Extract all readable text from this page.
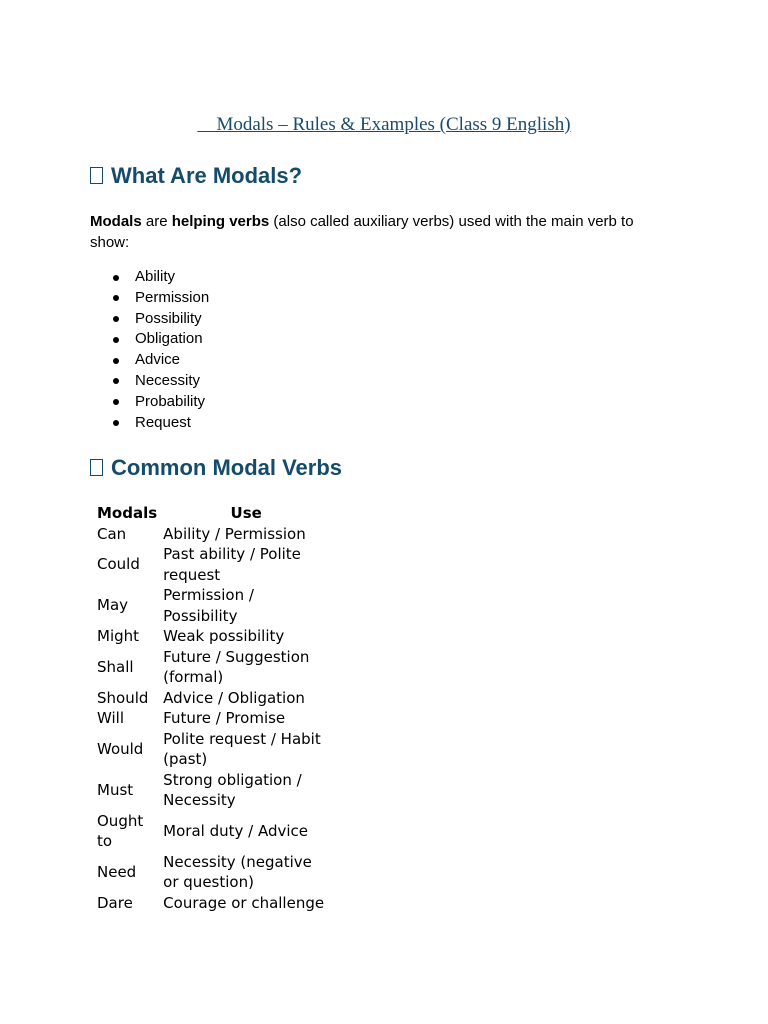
Modals – Rules & Examples (Class 9 English)
What Are Modals?

Modals are helping verbs (also called auxiliary verbs) used with the main verb to show:

Ability
Permission
Possibility
Obligation
Advice
Necessity
Probability
Request
Common Modal Verbs
Modals	Use
Can	Ability / Permission
Could	Past ability / Polite request
May	Permission / Possibility
Might	Weak possibility
Shall	Future / Suggestion (formal)
Should	Advice / Obligation
Will	Future / Promise
Would	Polite request / Habit (past)
Must	Strong obligation / Necessity
Ought to	Moral duty / Advice
Need	Necessity (negative or question)
Dare	Courage or challenge
